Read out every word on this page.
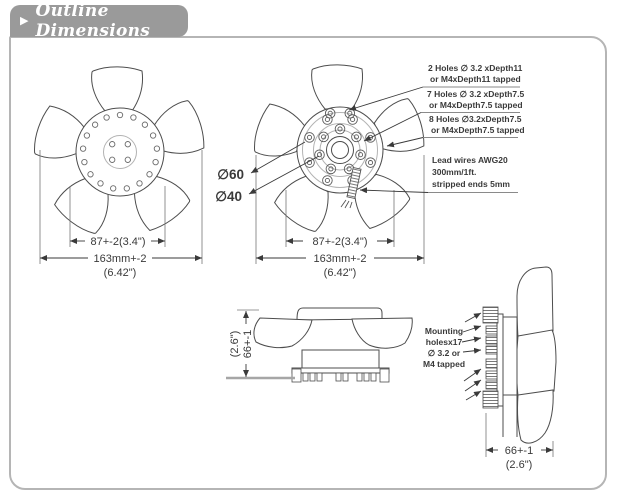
▶ Outline Dimensions
87+-2(3.4")
163mm+-2
(6.42")
87+-2(3.4")
163mm+-2
(6.42")
∅60
∅40
2 Holes ∅ 3.2 xDepth11
or M4xDepth11 tapped
7 Holes ∅ 3.2 xDepth7.5
or M4xDepth7.5 tapped
8 Holes ∅3.2xDepth7.5
or M4xDepth7.5 tapped
Lead wires AWG20
300mm/1ft.
stripped ends 5mm
66+-1
(2.6")	Mounting
holesx17
∅ 3.2 or
M4 tapped
66+-1
(2.6")
